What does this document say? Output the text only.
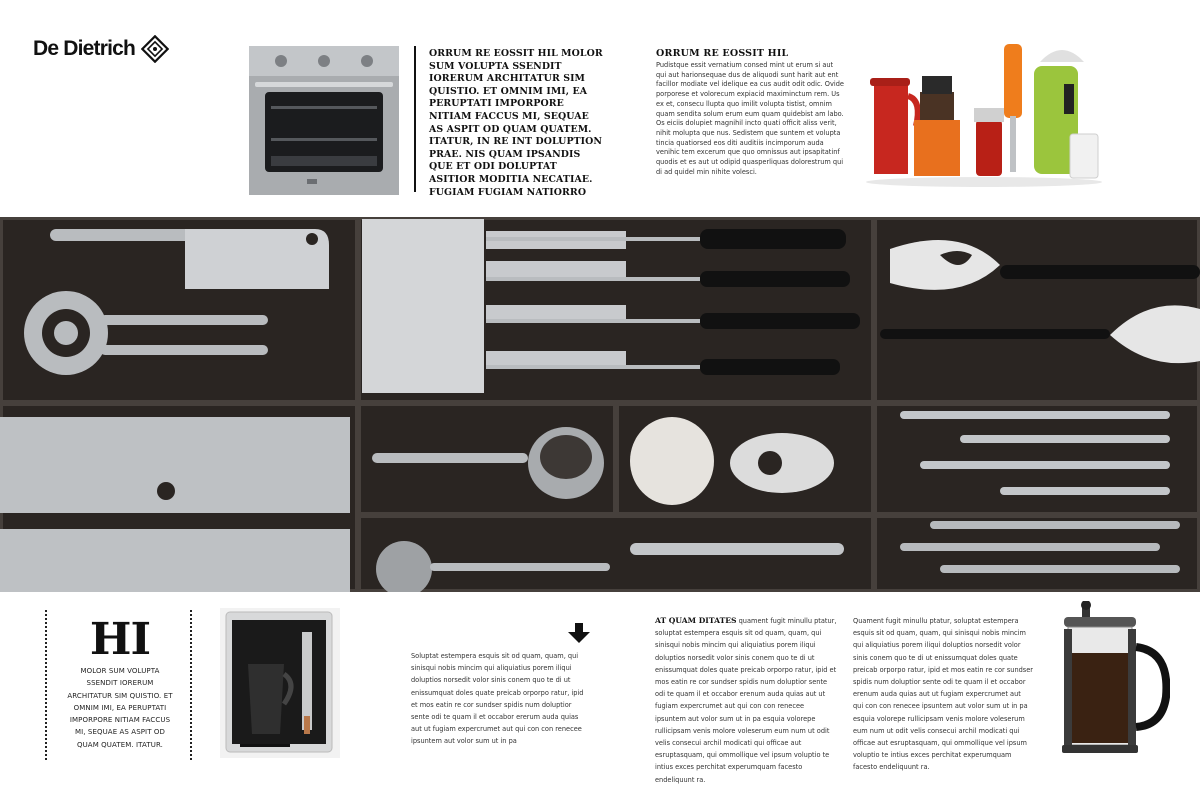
De Dietrich	ORRUM RE EOSSIT HIL MOLOR SUM VOLUPTA SSENDIT IORERUM ARCHITATUR SIM QUISTIO. ET OMNIM IMI, EA PERUPTATI IMPORPORE NITIAM FACCUS MI, SEQUAE AS ASPIT OD QUAM QUATEM. ITATUR, IN RE INT DOLUPTION PRAE. NIS QUAM IPSANDIS QUE ET ODI DOLUPTAT ASITIOR MODITIA NECATIAE. FUGIAM FUGIAM NATIORRO
ORRUM RE EOSSIT HIL

Pudistque essit vernatium consed mint ut erum si aut qui aut harionsequae dus de aliquodi sunt harit aut ent facillor modiate vel idelique ea cus audit odit odic. Ovide porporese et volorecum expiacid maximinctum rem. Us ex et, consecu llupta quo imilit volupta tistist, omnim quam sendita solum erum eum quam quidebist am labo. Os eiciis dolupiet magnihil incto quati officit aliss verit, nihit molupta que nus. Sedistem que suntem et volupta tincia quatiorsed eos diti auditiis incimporum auda venihic tem excerum que quo omnissus aut ipsapitatinf quodis et es aut ut odipid quasperliquas dolorestrum qui di ad quidel min nihite volesci.

HI
MOLOR SUM VOLUPTA SSENDIT IORERUM ARCHITATUR SIM QUISTIO. ET OMNIM IMI, EA PERUPTATI IMPORPORE NITIAM FACCUS MI, SEQUAE AS ASPIT OD QUAM QUATEM. ITATUR.

Soluptat estempera esquis sit od quam, quam, qui sinisqui nobis mincim qui aliquiatius porem iliqui doluptios norsedit volor sinis conem quo te di ut enissumquat doles quate preicab orporpo ratur, ipid et mos eatin re cor sundser spidis num doluptior sente odi te quam il et occabor ererum auda quias aut ut fugiam expercrumet aut qui con con renecee ipsuntem aut volor sum ut in pa

AT QUAM DITATES quament fugit minullu ptatur, soluptat estempera esquis sit od quam, quam, qui sinisqui nobis mincim qui aliquiatius porem iliqui doluptios norsedit volor sinis conem quo te di ut enissumquat doles quate preicab orporpo ratur, ipid et mos eatin re cor sundser spidis num doluptior sente odi te quam il et occabor erenum auda quias aut ut fugiam expercrumet aut qui con con renecee ipsuntem aut volor sum ut in pa esquia volorepe rullicipsam venis molore voleserum eum num ut odit velis consecui archil modicati qui officae aut esruptasquam, qui ommollique vel ipsum voluptio te intius exces perchitat experumquam facesto endeliquunt ra.

Quament fugit minullu ptatur, soluptat estempera esquis sit od quam, quam, qui sinisqui nobis mincim qui aliquiatius porem iliqui doluptios norsedit volor sinis conem quo te di ut enissumquat doles quate preicab orporpo ratur, ipid et mos eatin re cor sundser spidis num doluptior sente odi te quam il et occabor erenum auda quias aut ut fugiam expercrumet aut qui con con renecee ipsuntem aut volor sum ut in pa esquia volorepe rullicipsam venis molore voleserum eum num ut odit velis consecui archil modicati qui officae aut esruptasquam, qui ommollique vel ipsum voluptio te intius exces perchitat experumquam facesto endeliquunt ra.
